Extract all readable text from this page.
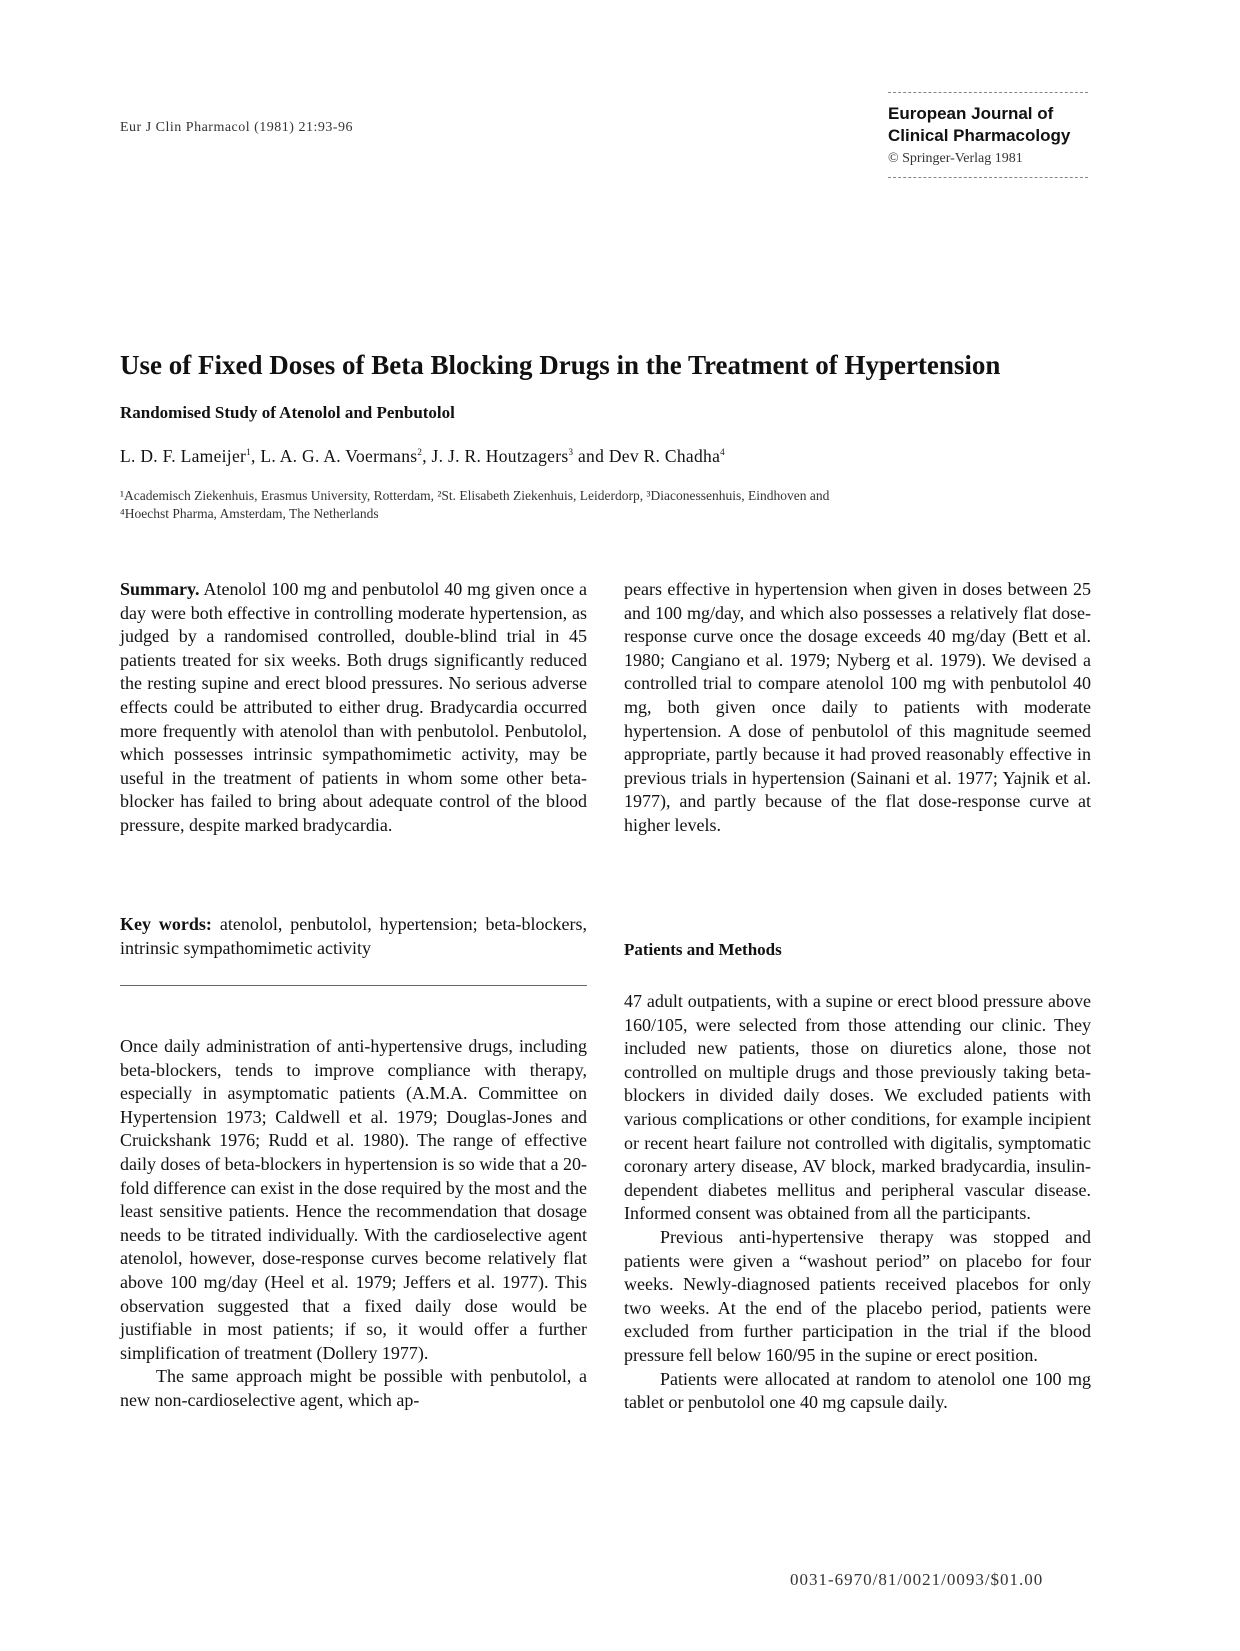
Eur J Clin Pharmacol (1981) 21:93-96
European Journal of
Clinical Pharmacology
© Springer-Verlag 1981
Use of Fixed Doses of Beta Blocking Drugs in the Treatment of Hypertension
Randomised Study of Atenolol and Penbutolol
L. D. F. Lameijer$^1$, L. A. G. A. Voermans$^2$, J. J. R. Houtzagers$^3$ and Dev R. Chadha$^4$
¹Academisch Ziekenhuis, Erasmus University, Rotterdam, ²St. Elisabeth Ziekenhuis, Leiderdorp, ³Diaconessenhuis, Eindhoven and
⁴Hoechst Pharma, Amsterdam, The Netherlands

Summary. Atenolol 100 mg and penbutolol 40 mg given once a day were both effective in controlling moderate hypertension, as judged by a randomised controlled, double-blind trial in 45 patients treated for six weeks. Both drugs significantly reduced the resting supine and erect blood pressures. No serious adverse effects could be attributed to either drug. Bradycardia occurred more frequently with atenolol than with penbutolol. Penbutolol, which possesses intrinsic sympathomimetic activity, may be useful in the treatment of patients in whom some other beta-blocker has failed to bring about adequate control of the blood pressure, despite marked bradycardia.

Key words: atenolol, penbutolol, hypertension; beta-blockers, intrinsic sympathomimetic activity

Once daily administration of anti-hypertensive drugs, including beta-blockers, tends to improve compliance with therapy, especially in asymptomatic patients (A.M.A. Committee on Hypertension 1973; Caldwell et al. 1979; Douglas-Jones and Cruickshank 1976; Rudd et al. 1980). The range of effective daily doses of beta-blockers in hypertension is so wide that a 20-fold difference can exist in the dose required by the most and the least sensitive patients. Hence the recommendation that dosage needs to be titrated individually. With the cardioselective agent atenolol, however, dose-response curves become relatively flat above 100 mg/day (Heel et al. 1979; Jeffers et al. 1977). This observation suggested that a fixed daily dose would be justifiable in most patients; if so, it would offer a further simplification of treatment (Dollery 1977).

The same approach might be possible with penbutolol, a new non-cardioselective agent, which ap-

pears effective in hypertension when given in doses between 25 and 100 mg/day, and which also possesses a relatively flat dose-response curve once the dosage exceeds 40 mg/day (Bett et al. 1980; Cangiano et al. 1979; Nyberg et al. 1979). We devised a controlled trial to compare atenolol 100 mg with penbutolol 40 mg, both given once daily to patients with moderate hypertension. A dose of penbutolol of this magnitude seemed appropriate, partly because it had proved reasonably effective in previous trials in hypertension (Sainani et al. 1977; Yajnik et al. 1977), and partly because of the flat dose-response curve at higher levels.

Patients and Methods

47 adult outpatients, with a supine or erect blood pressure above 160/105, were selected from those attending our clinic. They included new patients, those on diuretics alone, those not controlled on multiple drugs and those previously taking beta-blockers in divided daily doses. We excluded patients with various complications or other conditions, for example incipient or recent heart failure not controlled with digitalis, symptomatic coronary artery disease, AV block, marked bradycardia, insulin-dependent diabetes mellitus and peripheral vascular disease. Informed consent was obtained from all the participants.

Previous anti-hypertensive therapy was stopped and patients were given a “washout period” on placebo for four weeks. Newly-diagnosed patients received placebos for only two weeks. At the end of the placebo period, patients were excluded from further participation in the trial if the blood pressure fell below 160/95 in the supine or erect position.

Patients were allocated at random to atenolol one 100 mg tablet or penbutolol one 40 mg capsule daily.

0031-6970/81/0021/0093/$01.00
